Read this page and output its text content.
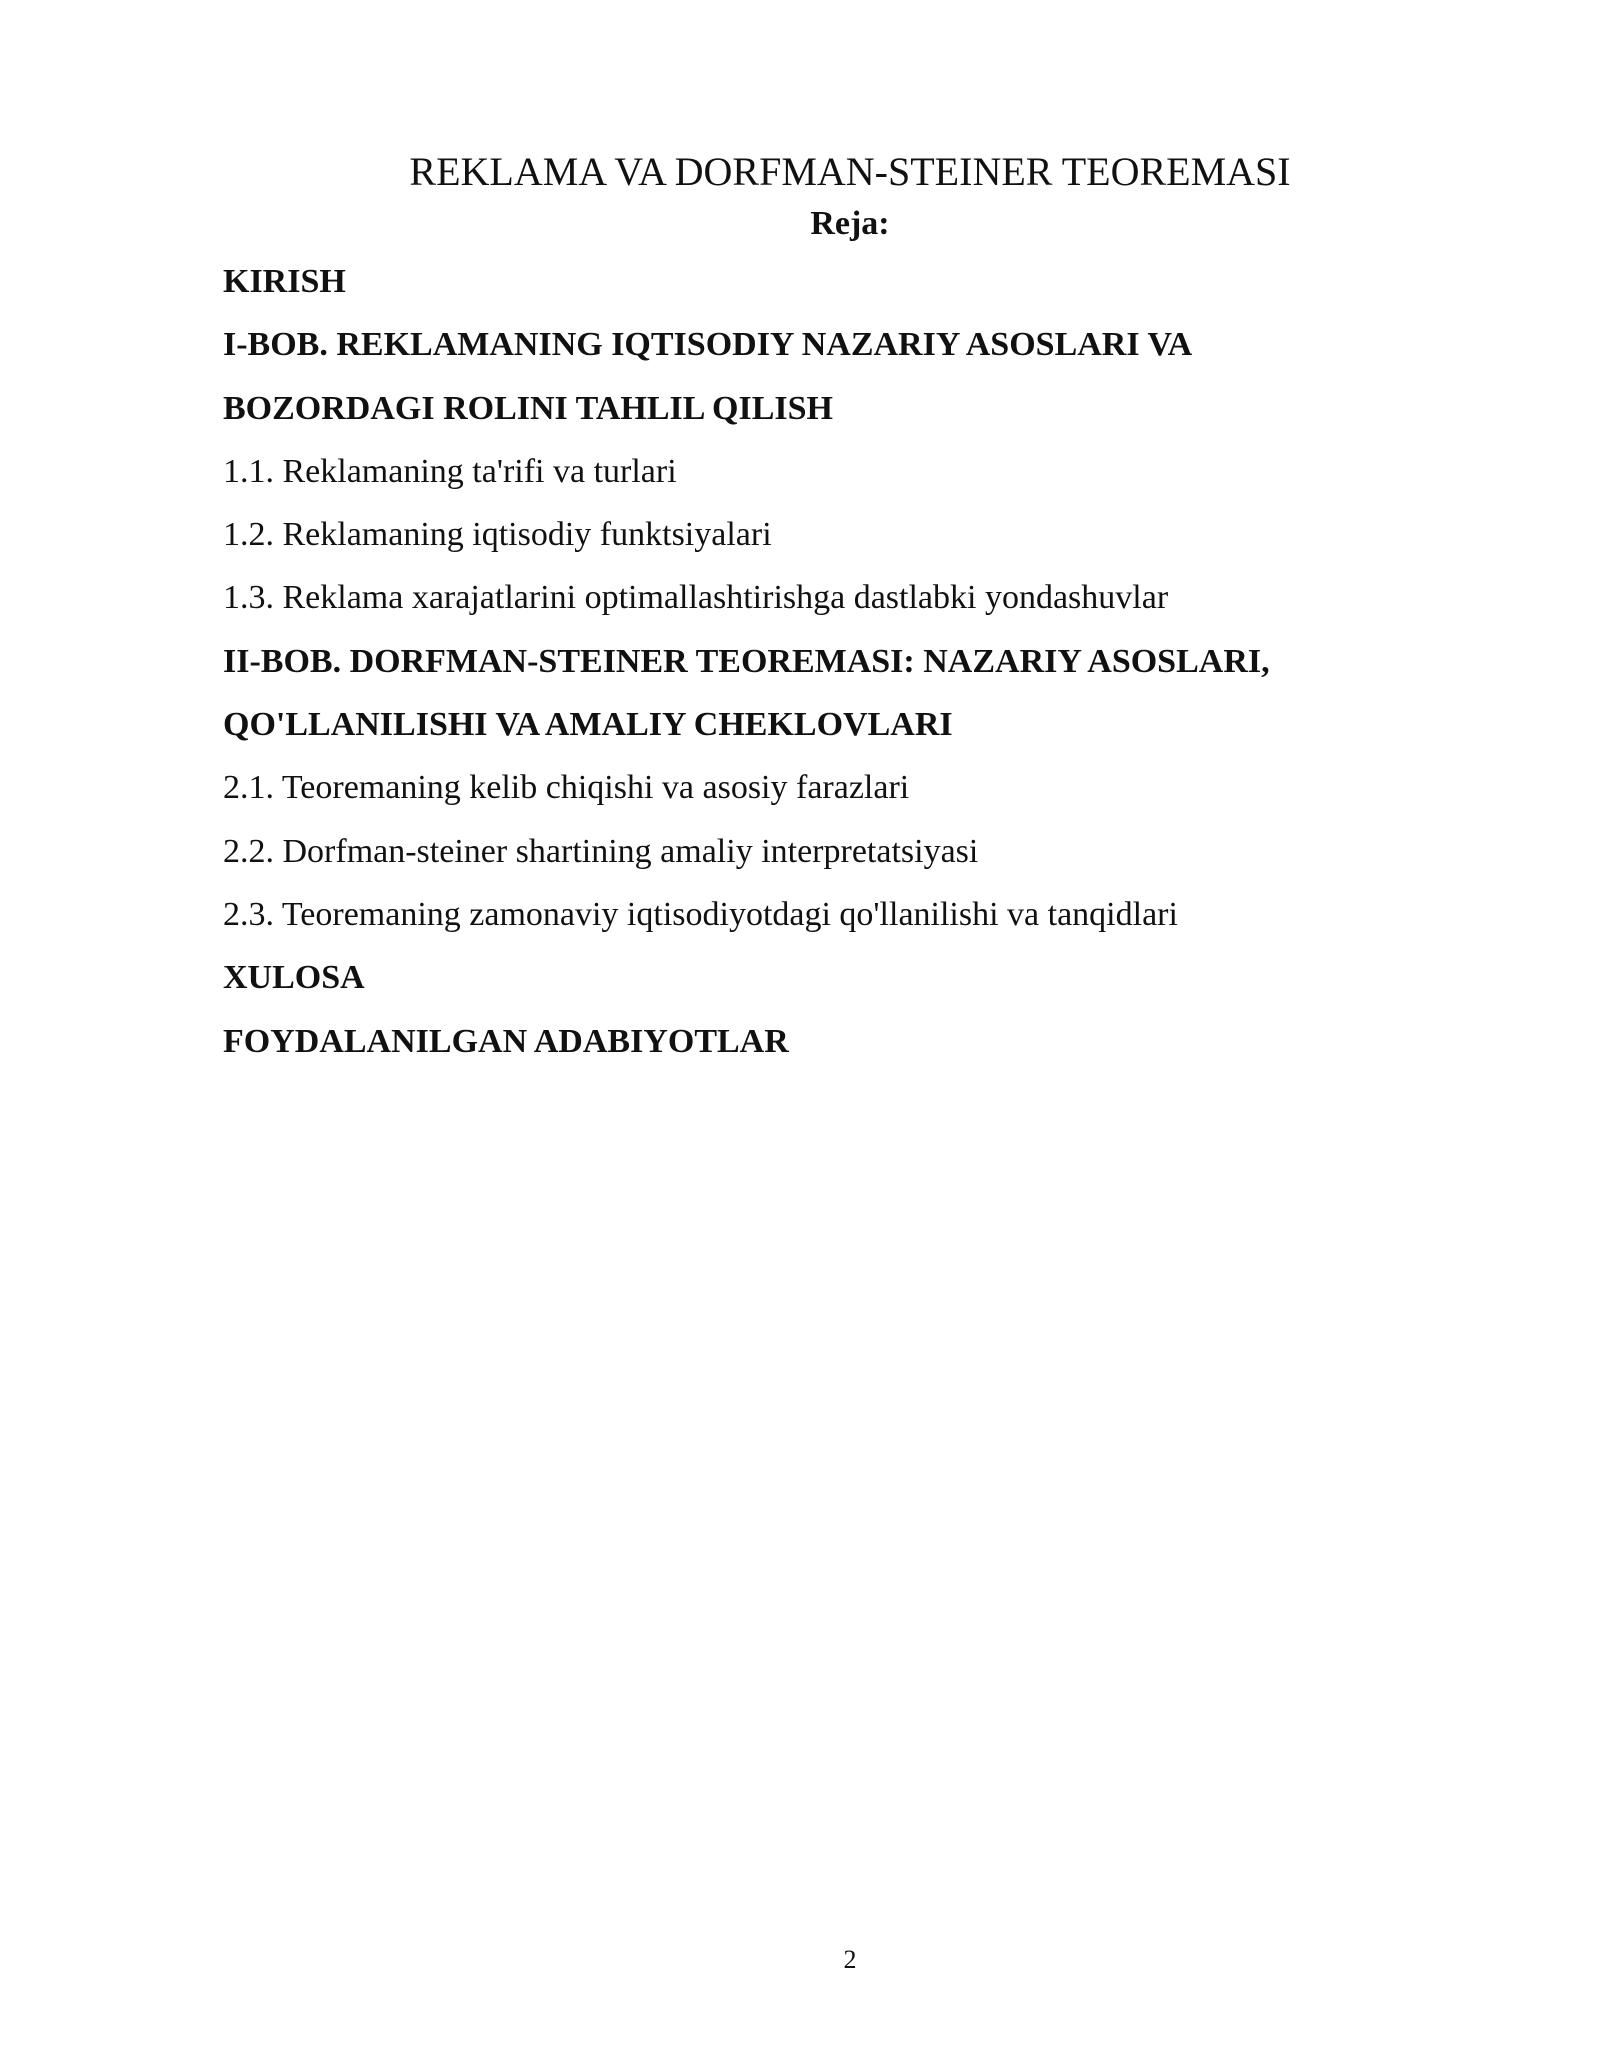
REKLAMA VA DORFMAN-STEINER TEOREMASI
Reja:
KIRISH
I-BOB. REKLAMANING IQTISODIY NAZARIY ASOSLARI VA
BOZORDAGI ROLINI TAHLIL QILISH
1.1. Reklamaning ta'rifi va turlari
1.2. Reklamaning iqtisodiy funktsiyalari
1.3. Reklama xarajatlarini optimallashtirishga dastlabki yondashuvlar
II-BOB. DORFMAN-STEINER TEOREMASI: NAZARIY ASOSLARI,
QO'LLANILISHI VA AMALIY CHEKLOVLARI
2.1. Teoremaning kelib chiqishi va asosiy farazlari
2.2. Dorfman-steiner shartining amaliy interpretatsiyasi
2.3. Teoremaning zamonaviy iqtisodiyotdagi qo'llanilishi va tanqidlari
XULOSA
FOYDALANILGAN ADABIYOTLAR
2
